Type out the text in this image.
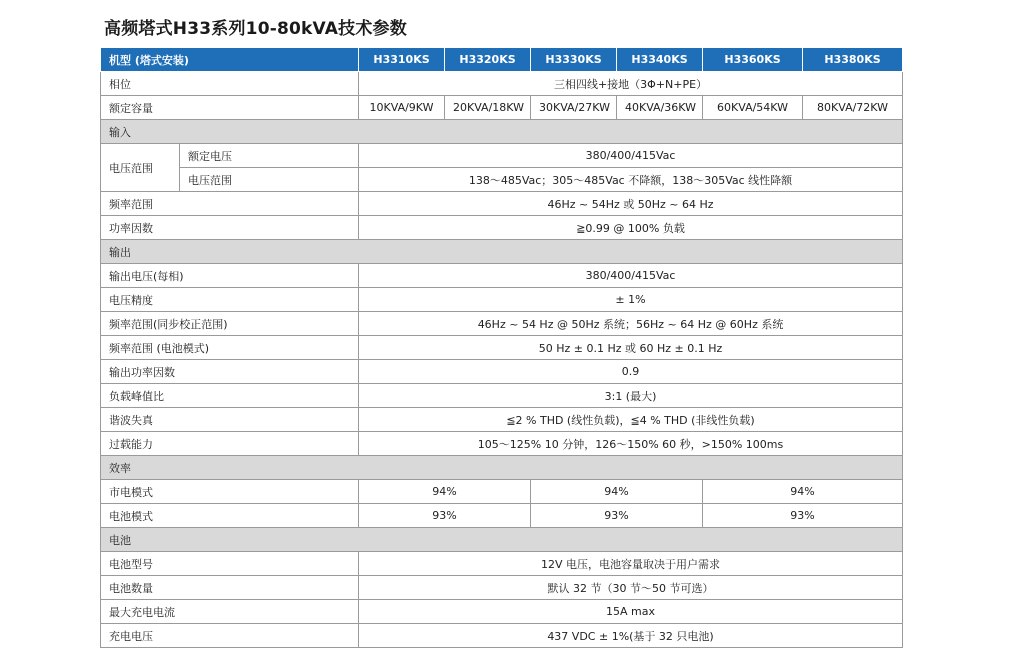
高频塔式H33系列10-80kVA技术参数
机型 (塔式安装)		H3310KS	H3320KS	H3330KS	H3340KS	H3360KS	H3380KS
相位		三相四线+接地（3Φ+N+PE）					
额定容量		10KVA/9KW	20KVA/18KW	30KVA/27KW	40KVA/36KW	60KVA/54KW	80KVA/72KW
输入							
电压范围	额定电压	380/400/415Vac					
	电压范围	138～485Vac；305～485Vac 不降额，138～305Vac 线性降额					
频率范围		46Hz ~ 54Hz 或 50Hz ~ 64 Hz					
功率因数		≧0.99 @ 100% 负载					
输出							
输出电压(每相)		380/400/415Vac					
电压精度		± 1%					
频率范围(同步校正范围)		46Hz ~ 54 Hz @ 50Hz 系统；56Hz ~ 64 Hz @ 60Hz 系统					
频率范围 (电池模式)		50 Hz ± 0.1 Hz 或 60 Hz ± 0.1 Hz					
输出功率因数		0.9					
负载峰值比		3:1 (最大)					
谐波失真		≦2 % THD (线性负载)，≦4 % THD (非线性负载)					
过载能力		105～125% 10 分钟，126～150% 60 秒，>150% 100ms					
效率							
市电模式		94%		94%		94%	
电池模式		93%		93%		93%	
电池							
电池型号		12V 电压，电池容量取决于用户需求					
电池数量		默认 32 节（30 节～50 节可选）					
最大充电电流		15A max					
充电电压		437 VDC ± 1%(基于 32 只电池)					
